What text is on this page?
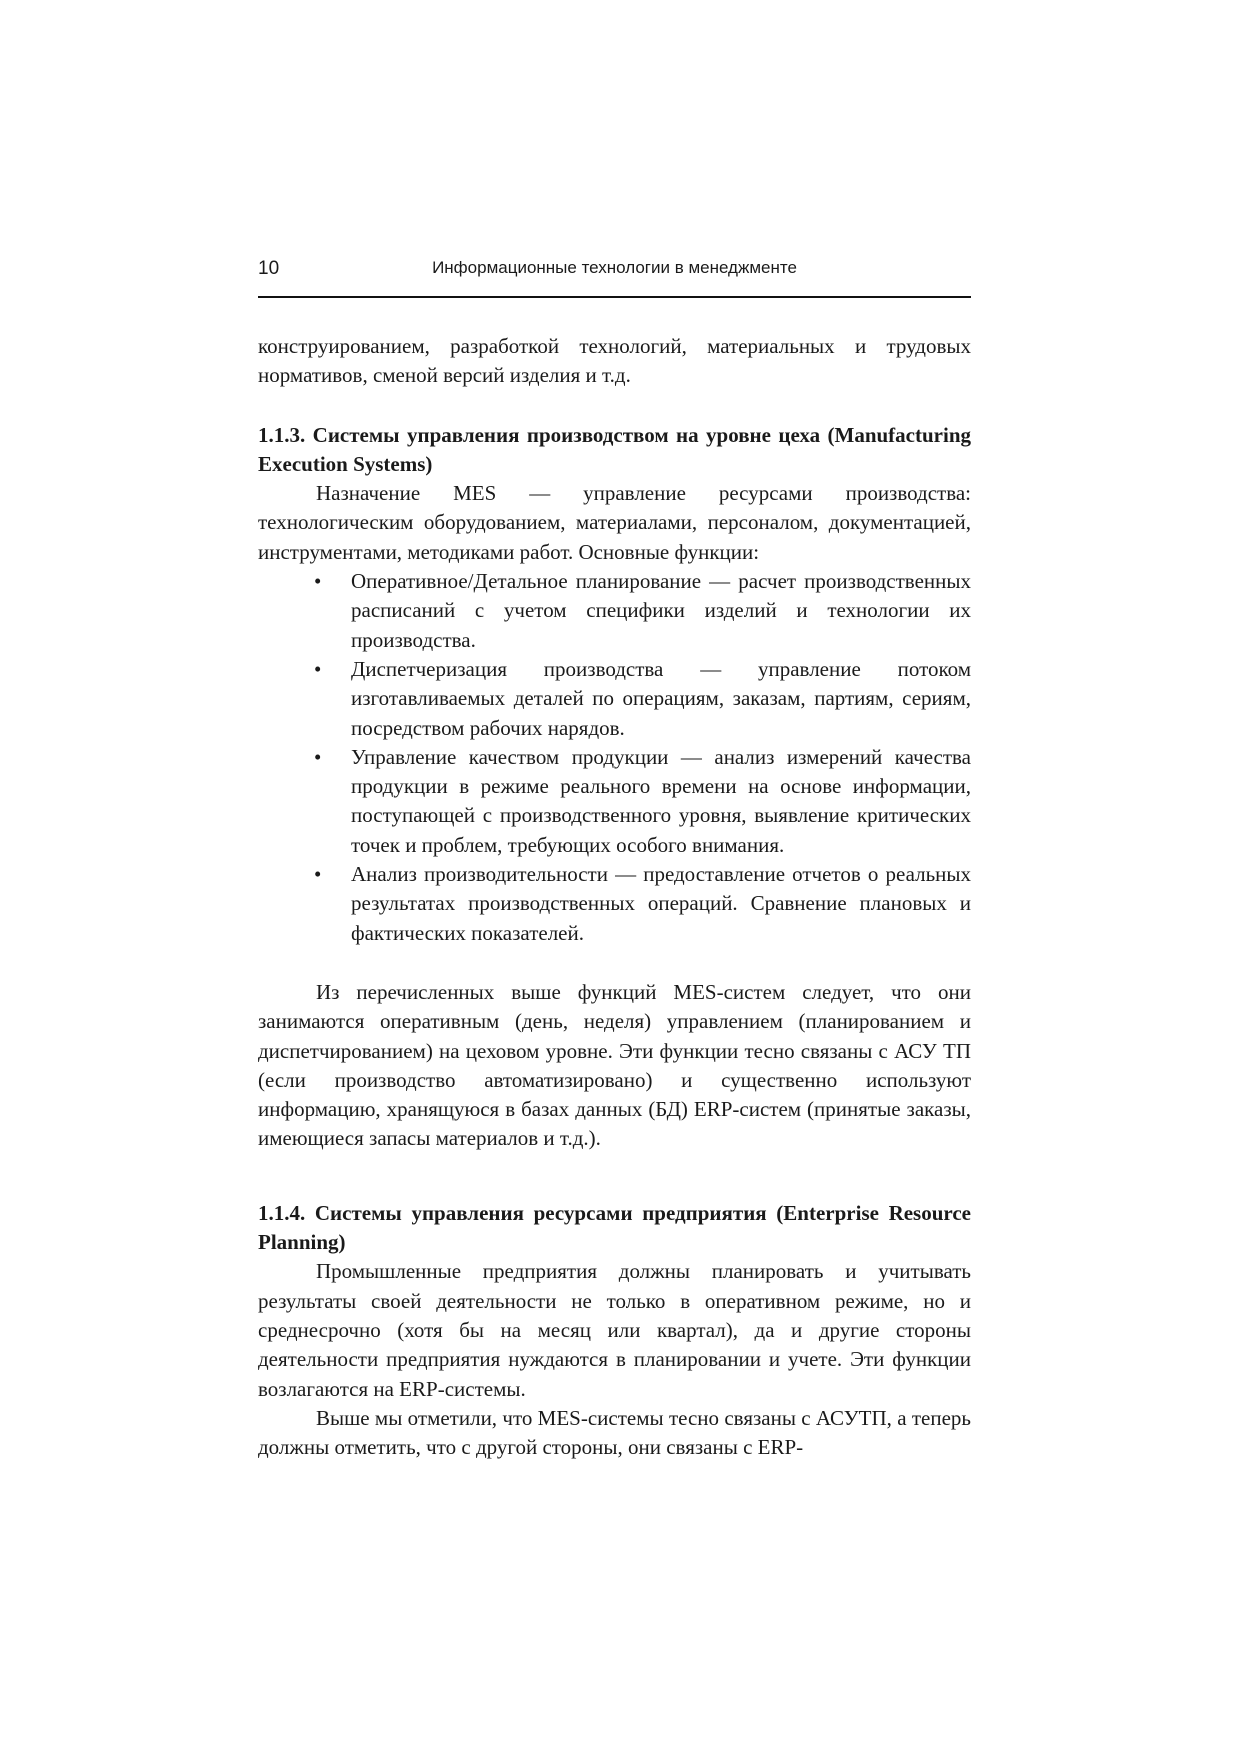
10	Информационные технологии в менеджменте

конструированием, разработкой технологий, материальных и трудовых нормативов, сменой версий изделия и т.д.

1.1.3. Системы управления производством на уровне цеха (Manufacturing Execution Systems)

Назначение MES — управление ресурсами производства: технологическим оборудованием, материалами, персоналом, документацией, инструментами, методиками работ. Основные функции:

• Оперативное/Детальное планирование — расчет производственных расписаний с учетом специфики изделий и технологии их производства.
• Диспетчеризация производства — управление потоком изготавливаемых деталей по операциям, заказам, партиям, сериям, посредством рабочих нарядов.
• Управление качеством продукции — анализ измерений качества продукции в режиме реального времени на основе информации, поступающей с производственного уровня, выявление критических точек и проблем, требующих особого внимания.
• Анализ производительности — предоставление отчетов о реальных результатах производственных операций. Сравнение плановых и фактических показателей.

Из перечисленных выше функций MES-систем следует, что они занимаются оперативным (день, неделя) управлением (планированием и диспетчированием) на цеховом уровне. Эти функции тесно связаны с АСУ ТП (если производство автоматизировано) и существенно используют информацию, хранящуюся в базах данных (БД) ERP-систем (принятые заказы, имеющиеся запасы материалов и т.д.).

1.1.4. Системы управления ресурсами предприятия (Enterprise Resource Planning)

Промышленные предприятия должны планировать и учитывать результаты своей деятельности не только в оперативном режиме, но и среднесрочно (хотя бы на месяц или квартал), да и другие стороны деятельности предприятия нуждаются в планировании и учете. Эти функции возлагаются на ERP-системы.

Выше мы отметили, что MES-системы тесно связаны с АСУТП, а теперь должны отметить, что с другой стороны, они связаны с ERP-
